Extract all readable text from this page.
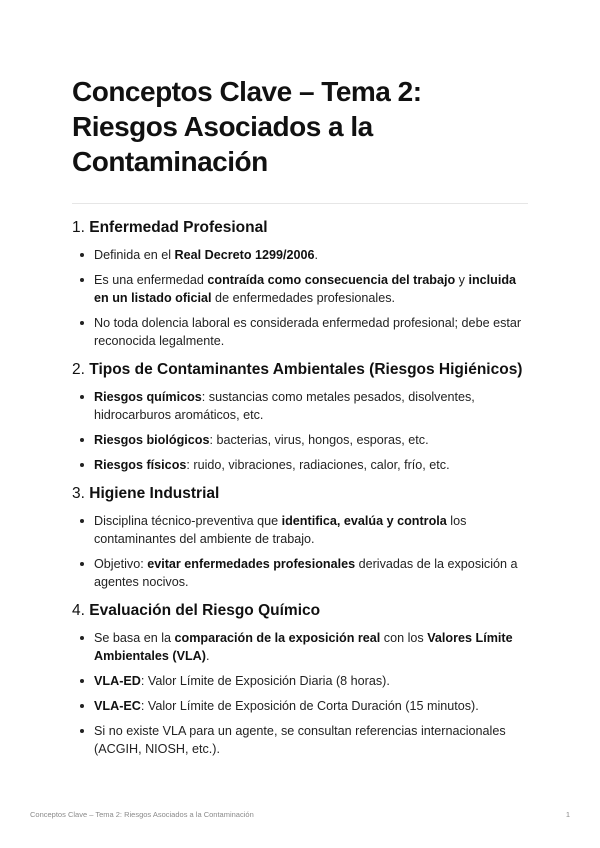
Conceptos Clave – Tema 2: Riesgos Asociados a la Contaminación
1. Enfermedad Profesional
Definida en el Real Decreto 1299/2006.
Es una enfermedad contraída como consecuencia del trabajo y incluida en un listado oficial de enfermedades profesionales.
No toda dolencia laboral es considerada enfermedad profesional; debe estar reconocida legalmente.
2. Tipos de Contaminantes Ambientales (Riesgos Higiénicos)
Riesgos químicos: sustancias como metales pesados, disolventes, hidrocarburos aromáticos, etc.
Riesgos biológicos: bacterias, virus, hongos, esporas, etc.
Riesgos físicos: ruido, vibraciones, radiaciones, calor, frío, etc.
3. Higiene Industrial
Disciplina técnico-preventiva que identifica, evalúa y controla los contaminantes del ambiente de trabajo.
Objetivo: evitar enfermedades profesionales derivadas de la exposición a agentes nocivos.
4. Evaluación del Riesgo Químico
Se basa en la comparación de la exposición real con los Valores Límite Ambientales (VLA).
VLA-ED: Valor Límite de Exposición Diaria (8 horas).
VLA-EC: Valor Límite de Exposición de Corta Duración (15 minutos).
Si no existe VLA para un agente, se consultan referencias internacionales (ACGIH, NIOSH, etc.).
Conceptos Clave – Tema 2: Riesgos Asociados a la Contaminación	1
